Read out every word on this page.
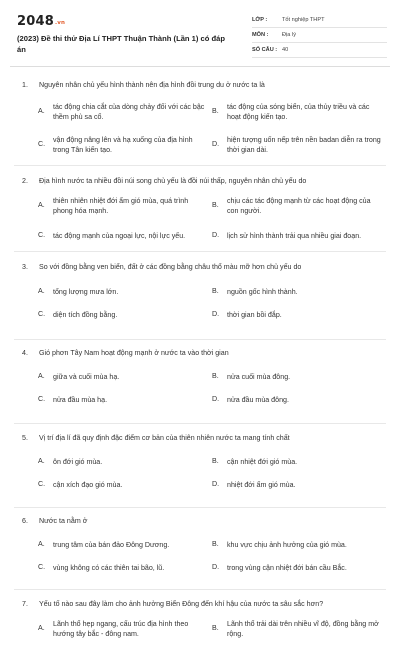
2048.vn
(2023) Đề thi thử Địa Lí THPT Thuận Thành (Lần 1) có đáp án
LỚP :	Tốt nghiệp THPT
MÔN :	Địa lý
SỐ CÂU : 40
1. Nguyên nhân chủ yếu hình thành nên địa hình đồi trung du ở nước ta là
A. tác động chia cắt của dòng chảy đối với các bậc thềm phù sa cổ.
B. tác động của sóng biển, của thủy triều và các hoạt động kiến tạo.
C. vận động nâng lên và hạ xuống của địa hình trong Tân kiến tạo.
D. hiện tượng uốn nếp trên nền badan diễn ra trong thời gian dài.
2. Địa hình nước ta nhiều đồi núi song chủ yếu là đồi núi thấp, nguyên nhân chủ yếu do
A. thiên nhiên nhiệt đới ẩm gió mùa, quá trình phong hóa mạnh.
B. chịu các tác động mạnh từ các hoạt động của con người.
C. tác động mạnh của ngoại lực, nội lực yếu.	D. lịch sử hình thành trải qua nhiều giai đoạn.
3. So với đồng bằng ven biển, đất ở các đồng bằng châu thổ màu mỡ hơn chủ yếu do
A. tổng lượng mưa lớn.	B. nguồn gốc hình thành.
C. diện tích đồng bằng.	D. thời gian bồi đắp.
4. Gió phơn Tây Nam hoạt động mạnh ở nước ta vào thời gian
A. giữa và cuối mùa hạ.	B. nửa cuối mùa đông.
C. nửa đầu mùa hạ.	D. nửa đầu mùa đông.
5. Vị trí địa lí đã quy định đặc điểm cơ bản của thiên nhiên nước ta mang tính chất
A. ôn đới gió mùa.	B. cận nhiệt đới gió mùa.
C. cận xích đạo gió mùa.	D. nhiệt đới ẩm gió mùa.
6. Nước ta nằm ở
A. trung tâm của bán đảo Đông Dương.	B. khu vực chịu ảnh hưởng của gió mùa.
C. vùng không có các thiên tai bão, lũ.	D. trong vùng cận nhiệt đới bán cầu Bắc.
7. Yếu tố nào sau đây làm cho ảnh hưởng Biển Đông đến khí hậu của nước ta sâu sắc hơn?
A. Lãnh thổ hẹp ngang, cấu trúc địa hình theo hướng tây bắc - đông nam.
B. Lãnh thổ trải dài trên nhiều vĩ độ, đồng bằng mở rộng.
